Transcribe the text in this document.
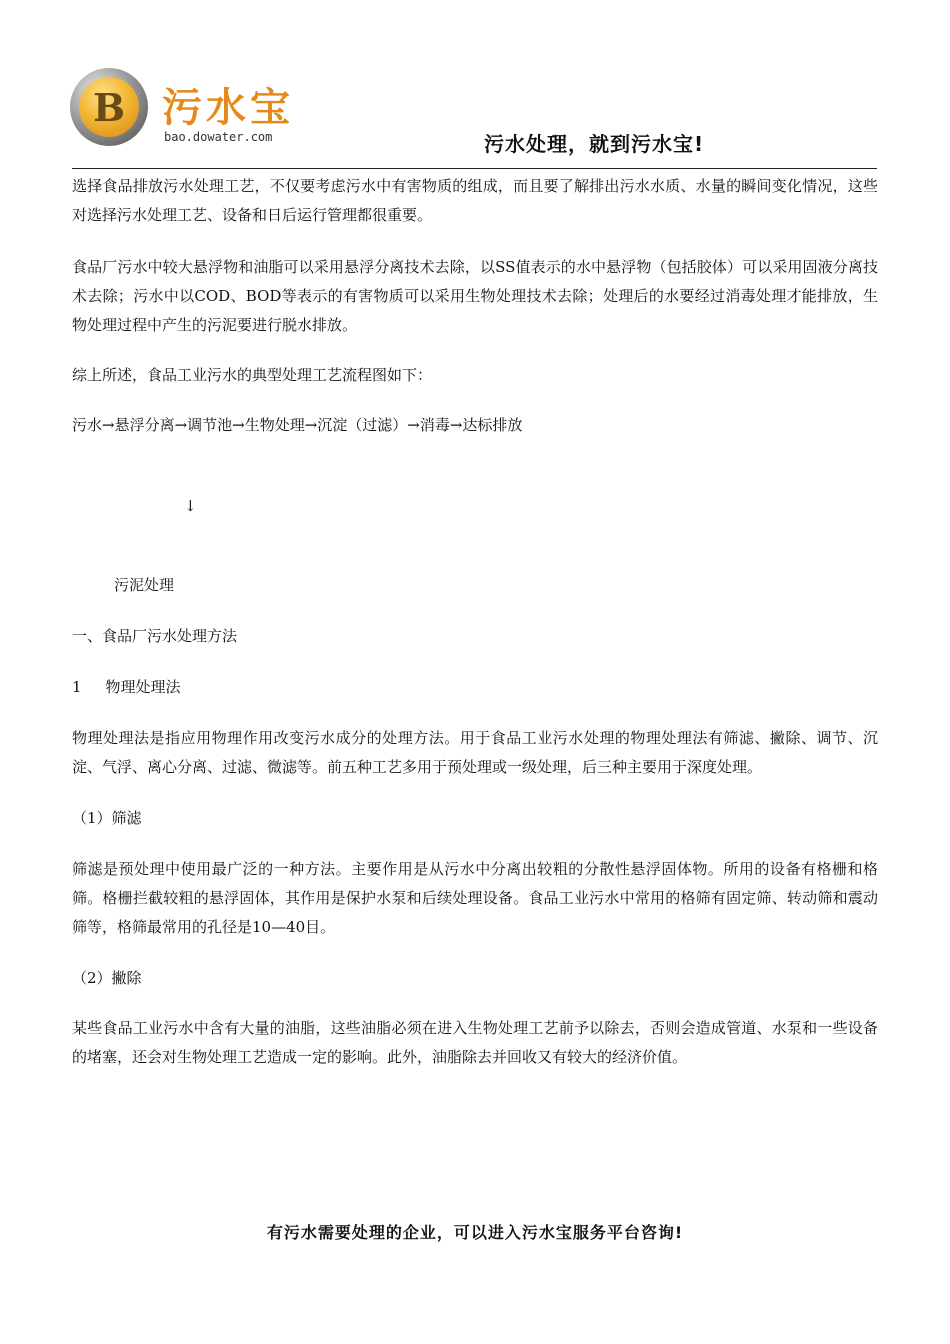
B 污水宝
bao.dowater.com	污水处理，就到污水宝!

选择食品排放污水处理工艺，不仅要考虑污水中有害物质的组成，而且要了解排出污水水质、水量的瞬间变化情况，这些对选择污水处理工艺、设备和日后运行管理都很重要。

食品厂污水中较大悬浮物和油脂可以采用悬浮分离技术去除，以SS值表示的水中悬浮物（包括胶体）可以采用固液分离技术去除；污水中以COD、BOD等表示的有害物质可以采用生物处理技术去除；处理后的水要经过消毒处理才能排放，生物处理过程中产生的污泥要进行脱水排放。

综上所述，食品工业污水的典型处理工艺流程图如下：

污水→悬浮分离→调节池→生物处理→沉淀（过滤）→消毒→达标排放

↓

污泥处理

一、食品厂污水处理方法

1 物理处理法

物理处理法是指应用物理作用改变污水成分的处理方法。用于食品工业污水处理的物理处理法有筛滤、撇除、调节、沉淀、气浮、离心分离、过滤、微滤等。前五种工艺多用于预处理或一级处理，后三种主要用于深度处理。

（1）筛滤

筛滤是预处理中使用最广泛的一种方法。主要作用是从污水中分离出较粗的分散性悬浮固体物。所用的设备有格栅和格筛。格栅拦截较粗的悬浮固体，其作用是保护水泵和后续处理设备。食品工业污水中常用的格筛有固定筛、转动筛和震动筛等，格筛最常用的孔径是10—40目。

（2）撇除

某些食品工业污水中含有大量的油脂，这些油脂必须在进入生物处理工艺前予以除去，否则会造成管道、水泵和一些设备的堵塞，还会对生物处理工艺造成一定的影响。此外，油脂除去并回收又有较大的经济价值。

有污水需要处理的企业，可以进入污水宝服务平台咨询!
